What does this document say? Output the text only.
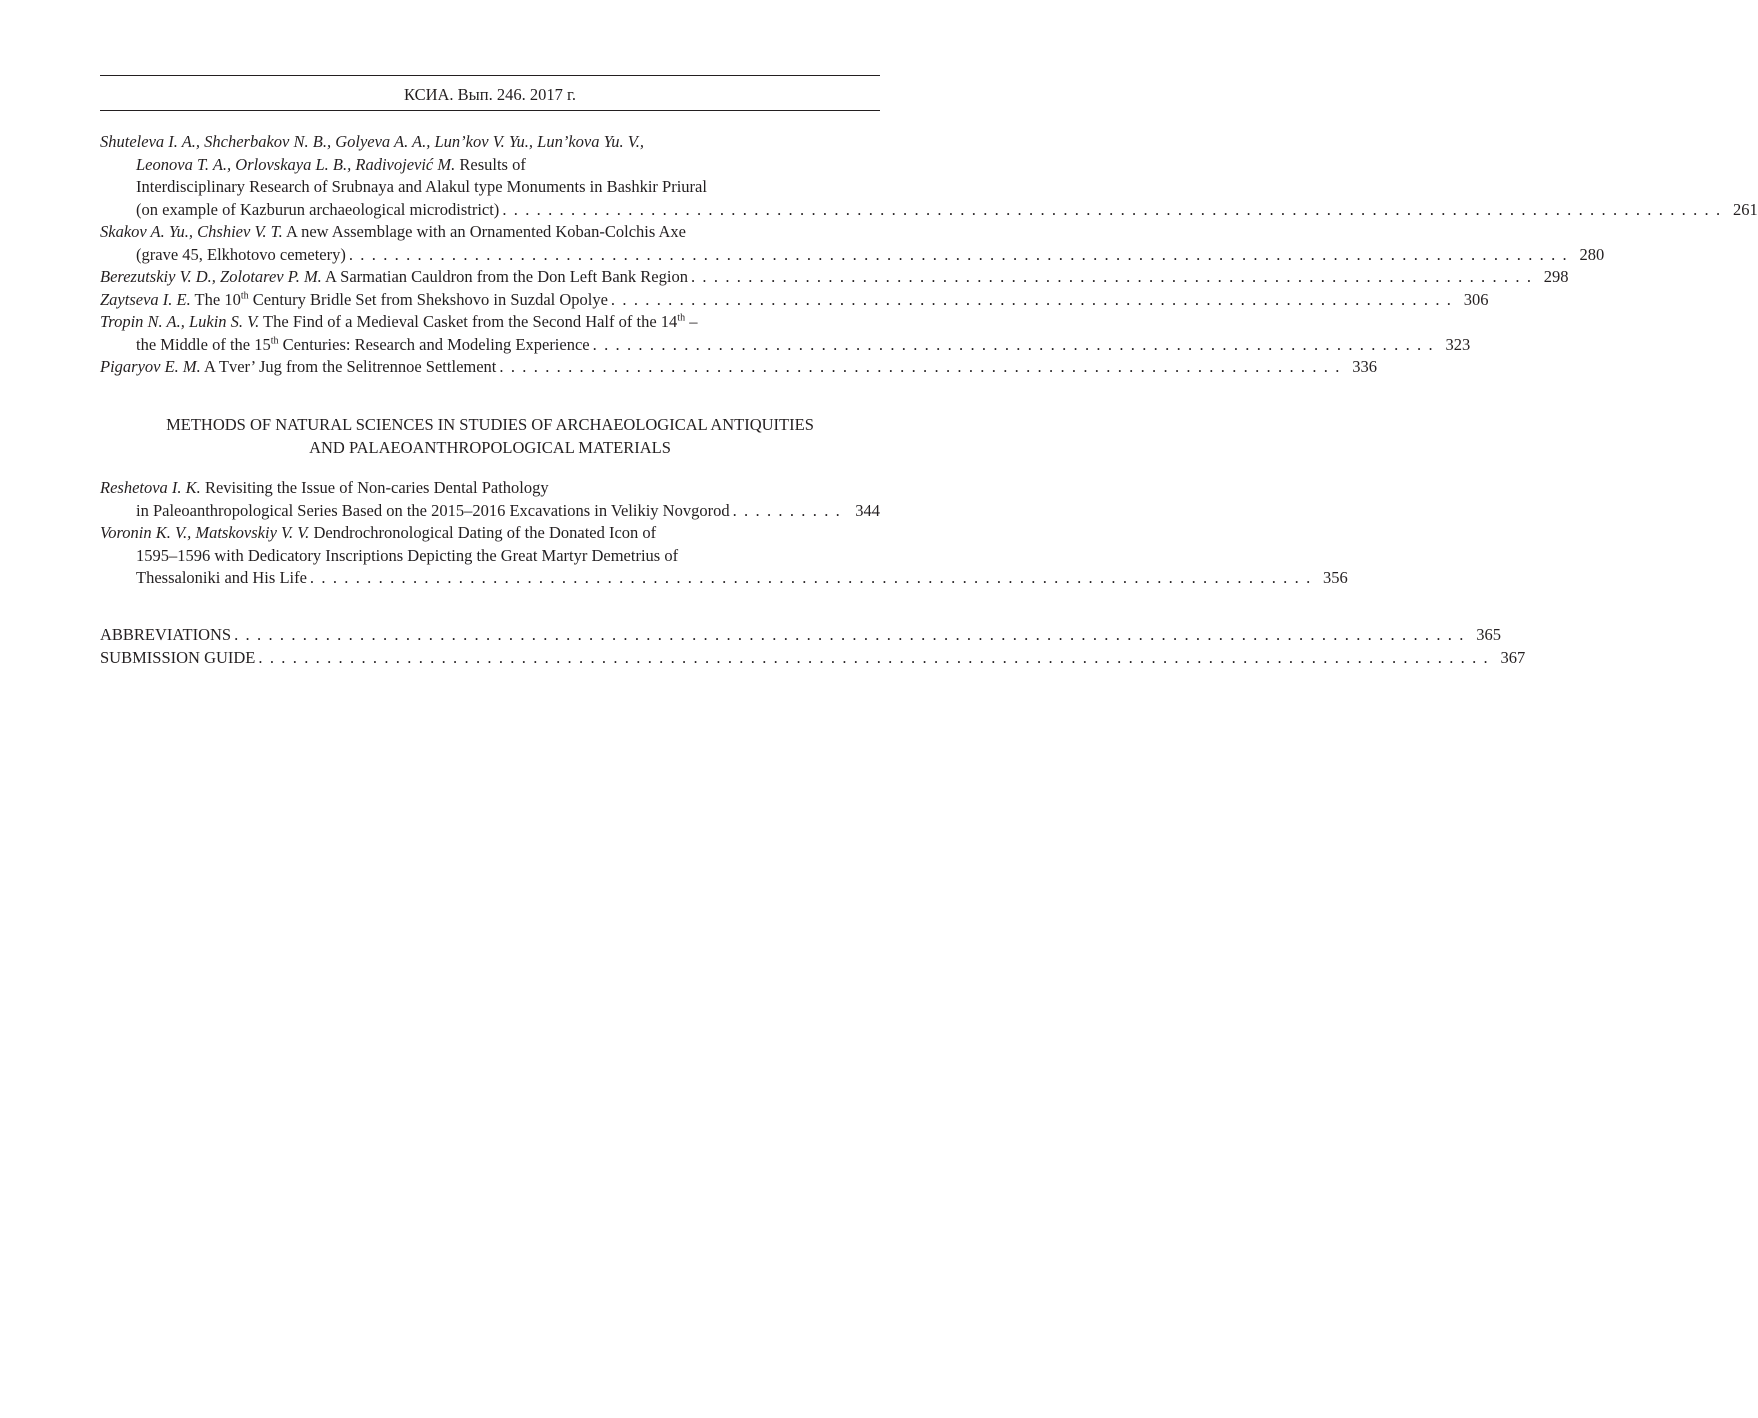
КСИА. Вып. 246. 2017 г.
Shuteleva I. A., Shcherbakov N. B., Golyeva A. A., Lun’kov V. Yu., Lun’kova Yu. V.,
Leonova T. A., Orlovskaya L. B., Radivojević M. Results of
Interdisciplinary Research of Srubnaya and Alakul type Monuments in Bashkir Priural
(on example of Kazburun archaeological microdistrict) . . . . . . . . . . . . . . . . . . . . . . . . . . . . . . . . . . . . . . . . . . . . . . . . . . . . . . . . . . . . . . . . . . . . . . . . . . . . . . . . . . . . . . . . . . . . . . . . . . . . . . . . . . . 261
Skakov A. Yu., Chshiev V. T. A new Assemblage with an Ornamented Koban-Colchis Axe
(grave 45, Elkhotovo cemetery) . . . . . . . . . . . . . . . . . . . . . . . . . . . . . . . . . . . . . . . . . . . . . . . . . . . . . . . . . . . . . . . . . . . . . . . . . . . . . . . . . . . . . . . . . . . . . . . . . . . . . . . . . . . 280
Berezutskiy V. D., Zolotarev P. M. A Sarmatian Cauldron from the Don Left Bank Region . . . . . . . . . . . . . . . . . . . . . . . . . . . . . . . . . . . . . . . . . . . . . . . . . . . . . . . . . . . . . . . . . . . . . . . . . . 298
Zaytseva I. E. The 10th Century Bridle Set from Shekshovo in Suzdal Opolye . . . . . . . . . . . . . . . . . . . . . . . . . . . . . . . . . . . . . . . . . . . . . . . . . . . . . . . . . . . . . . . . . . . . . . . . . . 306
Tropin N. A., Lukin S. V. The Find of a Medieval Casket from the Second Half of the 14th –
the Middle of the 15th Centuries: Research and Modeling Experience . . . . . . . . . . . . . . . . . . . . . . . . . . . . . . . . . . . . . . . . . . . . . . . . . . . . . . . . . . . . . . . . . . . . . . . . . . 323
Pigaryov E. M. A Tver’ Jug from the Selitrennoe Settlement . . . . . . . . . . . . . . . . . . . . . . . . . . . . . . . . . . . . . . . . . . . . . . . . . . . . . . . . . . . . . . . . . . . . . . . . . . 336
METHODS OF NATURAL SCIENCES IN STUDIES OF ARCHAEOLOGICAL ANTIQUITIES
AND PALAEOANTHROPOLOGICAL MATERIALS
Reshetova I. K. Revisiting the Issue of Non-caries Dental Pathology
in Paleoanthropological Series Based on the 2015–2016 Excavations in Velikiy Novgorod . . . . . . . . . . 344
Voronin K. V., Matskovskiy V. V. Dendrochronological Dating of the Donated Icon of
1595–1596 with Dedicatory Inscriptions Depicting the Great Martyr Demetrius of
Thessaloniki and His Life . . . . . . . . . . . . . . . . . . . . . . . . . . . . . . . . . . . . . . . . . . . . . . . . . . . . . . . . . . . . . . . . . . . . . . . . . . . . . . . . . . . . . . . . 356
ABBREVIATIONS . . . . . . . . . . . . . . . . . . . . . . . . . . . . . . . . . . . . . . . . . . . . . . . . . . . . . . . . . . . . . . . . . . . . . . . . . . . . . . . . . . . . . . . . . . . . . . . . . . . . . . . . . . . . 365
SUBMISSION GUIDE . . . . . . . . . . . . . . . . . . . . . . . . . . . . . . . . . . . . . . . . . . . . . . . . . . . . . . . . . . . . . . . . . . . . . . . . . . . . . . . . . . . . . . . . . . . . . . . . . . . . . . . . . . . . 367
